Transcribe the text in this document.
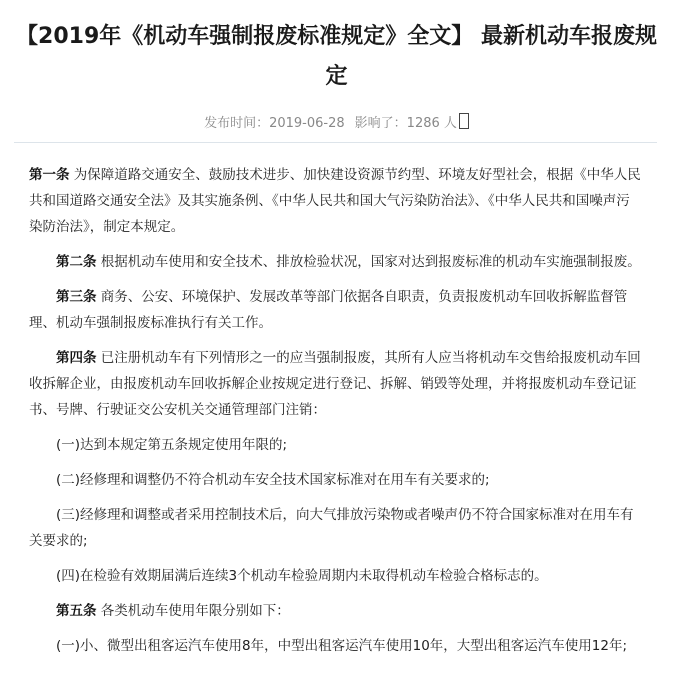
【2019年《机动车强制报废标准规定》全文】 最新机动车报废规定
发布时间：2019-06-28 影响了：1286 人

第一条 为保障道路交通安全、鼓励技术进步、加快建设资源节约型、环境友好型社会，根据《中华人民共和国道路交通安全法》及其实施条例、《中华人民共和国大气污染防治法》、《中华人民共和国噪声污染防治法》，制定本规定。

第二条 根据机动车使用和安全技术、排放检验状况，国家对达到报废标准的机动车实施强制报废。

第三条 商务、公安、环境保护、发展改革等部门依据各自职责，负责报废机动车回收拆解监督管理、机动车强制报废标准执行有关工作。

第四条 已注册机动车有下列情形之一的应当强制报废，其所有人应当将机动车交售给报废机动车回收拆解企业，由报废机动车回收拆解企业按规定进行登记、拆解、销毁等处理，并将报废机动车登记证书、号牌、行驶证交公安机关交通管理部门注销：

(一)达到本规定第五条规定使用年限的;

(二)经修理和调整仍不符合机动车安全技术国家标准对在用车有关要求的;

(三)经修理和调整或者采用控制技术后，向大气排放污染物或者噪声仍不符合国家标准对在用车有关要求的;

(四)在检验有效期届满后连续3个机动车检验周期内未取得机动车检验合格标志的。

第五条 各类机动车使用年限分别如下：

(一)小、微型出租客运汽车使用8年，中型出租客运汽车使用10年，大型出租客运汽车使用12年;
